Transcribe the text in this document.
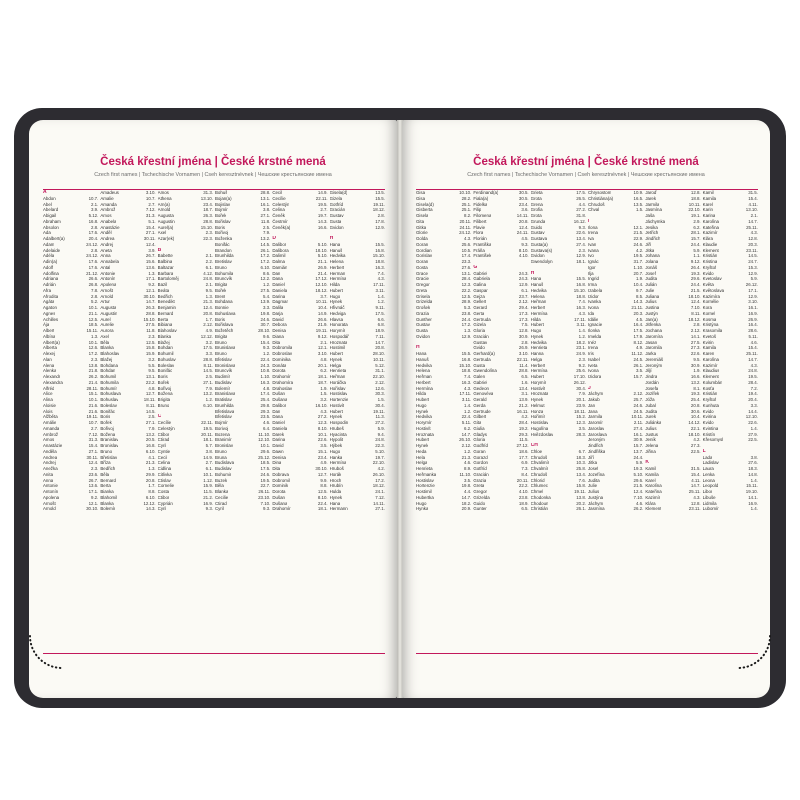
Česká křestní jména | České krstné mená
Czech first names | Tschechische Vornamen | Cseh keresztnévnek | Чешские крестьянские имена
A
Abdon	10.7.
Abel	2.1.
Abelard	3.9.
Abigail	5.12.
Abraham	16.8.
Absolon	2.8.
Ada	17.6.
Adalbert(a)	20.4.
Adam	24.12.
Adelaide	2.8.
Adéla	24.12.
Adin(a)	17.6.
Adolf	17.6.
Adolfina	21.12.
Adriana	26.6.
Adrián	26.8.
Afra	7.8.
Afrodita	2.8.
Agáta	5.2.
Agaton	10.1.
Agnes	21.1.
Achilles	12.5.
Ája	18.5.
Albert	15.11.
Albína	1.3.
Albert(a)	10.1.
Alberta	12.6.
Alexej	17.2.
Alan	2.3.
Alena	13.8.
Alenka	21.8.
Alexandr	26.2.
Alexandra	21.4.
Alfréd	28.11.
Alice	15.1.
Alina	10.1.
Aloisie	21.6.
Alois	21.6.
Alžběta	19.11.
Amálie	10.7.
Amanda	2.7.
Ambrož	7.12.
Amos	31.3.
Anastázie	15.4.
Anděla	27.1.
Andrea	30.11.
Andrej	12.4.
Anežka	2.3.
Anita	23.6.
Anna	26.7.
Antonie	13.6.
Antonín	17.1.
Apolena	9.2.
Arnošt	12.1.
Arnold	30.10.
Amadeus	3.10.
Amalie	10.7.
Amanda	2.7.
Ambrož	7.12.
Amos	31.3.
Anabela	5.1.
Anastázie	15.4.
Anděl	27.1.
Andrea	30.11.
Andrej	12.4.
Aneta	3.9.
Anna	26.7.
Annabela	15.6.
Antal	13.6.
Antonie	1.3.
Antonín	17.1.
Apolena	9.2.
Arnošt	12.1.
Arnold	30.10.
Artur	14.7.
Augusta	26.3.
Augustin	28.8.
Aurel	15.10.
Aurelie	27.5.
Aurora	11.8.
Axel	2.3.
Běla	12.5.
Blanka	15.8.
Blahoslav	15.9.
Blažej	3.2.
Bohdana	5.5.
Bohdan	9.5.
Bohumil	13.1.
Bohumila	22.2.
Bohumír	4.8.
Bohuslava	12.7.
Bohuslav	18.11.
Boleslav	8.11.
Bonifác	14.5.
Boris	2.5.
Bořek	27.1.
Bořivoj	7.9.
Božena	13.2.
Branislav	20.5.
Bronislav	16.8.
Bruno	6.10.
Břetislav	4.1.
Bříza	21.3.
Bedřich	1.3.
Běla	29.9.
Bernard	20.8.
Berta	1.7.
Bianka	8.8.
Blahomil	6.10.
Blanka	12.12.
Bolemír	14.3.
Amos	31.3.
Athena	13.10.
Arn(a)	23.4.
Arnold	18.7.
Augusta	26.3.
Augustin	28.8.
Aurel(a)	15.10.
Axel	2.3.
Azar(ek)	22.3.
B
Babette	2.1.
Balbina	2.2.
Baltazar	6.1.
Barbara	4.12.
Bartoloměj	24.8.
Bazil	2.1.
Beáta	9.5.
Bedřich	1.3.
Benedikt	21.3.
Benjamin	12.4.
Bernard	20.8.
Berta	1.7.
Bibiana	2.12.
Blahoslav	4.9.
Blanka	12.12.
Blažej	3.2.
Bohdan	17.5.
Bohumil	3.3.
Bohuslav	28.8.
Boleslav	8.11.
Bonifác	14.5.
Boris	2.5.
Bořek	27.1.
Bořivoj	7.9.
Božena	13.2.
Brigita	1.2.
Bruno	6.10.
C
Cecílie	22.11.
Celestýn	19.5.
Ctibor	20.11.
Ctirad	18.1.
Cyril	5.7.
Cyntie	3.8.
Cecil	14.9.
Celina	2.7.
Cidlina	6.1.
Citlivka	10.1.
Ctislav	1.12.
Cornelie	15.9.
Costa	11.5.
Ctibor	21.2.
Cyprián	16.9.
Cyril	9.3.
Bohuš	28.8.
Bojan(a)	13.1.
Bojislav	16.1.
Bojmír	3.8.
Bořek	27.1.
Bořislav	11.8.
Boris	2.5.
Bořivoj	7.9.
Boženka	13.2.
Bonifác	14.5.
Brandon	26.1.
Brunhilda	17.2.
Bretislav	17.2.
Bruno	6.10.
Bohumila	8.6.
Bruncvík	12.2.
Brigita	1.2.
Bořek	27.5.
Brent	5.4.
Bohdana	13.9.
Bonnie	3.3.
Bohuslava	19.8.
Boris	24.6.
Bořislava	30.7.
Božetěch	28.10.
Brigita	9.6.
Bruno	15.4.
Brunislava	9.3.
Bruno	1.2.
Břetislav	22.4.
Bronislava	24.3.
Bruncvík	10.8.
Budimír	1.10.
Budislav	16.3.
Bolemír	4.8.
Branislava	17.4.
Bratislav	25.4.
Brunhilda	29.8.
Břetislava	29.3.
Břetislav	23.5.
Bojmír	4.6.
Borivoj	6.4.
Bozena	11.10.
Branimír	12.10.
Bronislav	10.1.
Bruno	29.6.
Bruna	25.12.
Budislava	18.5.
Budislav	17.5.
Bohumir	24.6.
Buzek	19.5.
Běla	22.7.
Blanka	26.11.
Cecilie	23.10.
Ctirad	7.10.
Cyril	9.3.
Cecil	14.9.
Cecílie	22.11.
Celestýn	19.5.
Celina	2.7.
Čeněk	19.7.
Čestmír	14.3.
Čeněk(a)	16.6.
D
Dalibor	5.10.
Dalibora	18.10.
Dalimil	5.10.
Dalma	21.1.
Damián	26.9.
Dan	21.4.
Dana	17.12.
Daniel	12.10.
Daniela	18.12.
Darina	3.7.
Dagmar	10.11.
Dalila	10.4.
Darja	14.9.
David	26.6.
Debora	21.9.
Denisa	19.11.
Diana	9.12.
Dita	2.1.
Dobromila	12.1.
Dobroslav	3.10.
Dominika	4.8.
Donáta	20.1.
Dorota	6.2.
Drahomír	18.1.
Drahomíra	18.7.
Drahoslav	1.9.
Dušan	1.5.
Dušana	3.2.
Dalibor	16.10.
Dan	4.3.
Dana	27.2.
Daniel	12.3.
Daniela	8.10.
Darek	10.1.
Darina	22.6.
David	3.5.
Dawn	15.1.
Denisa	23.4.
Dina	4.9.
Dita	30.10.
Dobrava	12.7.
Dobromil	9.9.
Dominik	8.8.
Dorota	12.5.
Dušan	8.10.
Dušana	22.4.
Drahomír	18.1.
Gisela(d)	13.5.
Gizela	15.5.
Gotfríd	19.11.
Gracián	18.12.
Gustav	2.8.
Gusta	17.8.
Gvidon	12.9.
H
Hana	15.5.
Hanuš	16.8.
Hedvika	15.10.
Helena	18.8.
Herbert	16.3.
Herman	7.4.
Hermína	4.3.
Hilda	17.11.
Hubert	3.11.
Hugo	1.4.
Hynek	1.2.
Hřivnáč	9.11.
Hedviga	17.5.
Hlavsa	6.6.
Honorata	6.8.
Horymír	18.9.
Hospodář	7.11.
Hroznata	14.7.
Hostimil	20.8.
Hubert	28.10.
Hynek	10.11.
Helga	5.12.
Henrieta	31.1.
Heřman	22.10.
Horáčka	2.12.
Hořislav	12.6.
Hostislav	30.3.
Hortenzie	1.5.
Hostivít	30.4.
Hubert	19.11.
Hynek	11.3.
Hospodin	27.2.
Hrubeš	5.9.
Hyacinta	9.4.
Hypolit	24.8.
Hýbek	22.3.
Hugo	5.10.
Hanka	19.7.
Hermína	22.10.
Hruboš	4.2.
Horák	26.10.
Hroch	17.2.
Hrubín	18.12.
Hulda	24.1.
Hynek	7.12.
Hana	14.11.
Hermann	27.1.
Česká křestní jména | České krstné mená
Czech first names | Tschechische Vornamen | Cseh keresztnévnek | Чешские крестьянские имена
Gisa	10.10.
Gisa	28.2.
Gisela(d)	25.1.
Gisberta	25.1.
Gisela	8.2.
Gita	20.11.
Gitka	24.11.
Glorie	24.12.
Golda	4.3.
Goran	25.6.
Gordian	10.5.
Gorislav	17.4.
Goran	23.3.
Gosta	27.6.
Grace	13.1.
Gracie	28.4.
Gregor	12.3.
Greta	22.2.
Grisela	12.5.
Grizelda	28.9.
Grošek	5.3.
Grazia	23.8.
Gunther	24.4.
Gustav	17.2.
Gusta	1.3.
Gvidon	12.9.
H
Hana	15.5.
Hanuš	16.8.
Hedvika	15.10.
Helena	18.8.
Heřman	7.4.
Herbert	16.3.
Hermína	4.3.
Hilda	17.11.
Hubert	3.11.
Hugo	1.4.
Hynek	1.2.
Hedvika	22.4.
Horymír	5.11.
Hostivít	6.2.
Hroznata	14.7.
Hubert	26.10.
Hynek	2.12.
Heda	1.2.
Hela	21.3.
Helga	4.6.
Henrieta	8.9.
Heřmanka	11.10.
Hostislav	3.5.
Hortenzie	19.8.
Hostimil	4.4.
Hubertka	14.7.
Hugo	18.2.
Hynka	20.9.
Ferdinand(a)	30.5.
Fiala(a)	30.5.
Fidelka	23.4.
Filip	3.6.
Filomena	14.11.
Filibert	20.8.
Flavie	12.4.
Flora	24.11.
Florián	4.5.
Františka	9.3.
Fráňa	8.10.
František	4.10.
G
Gabriel	24.3.
Gabriela	24.3.
Galina	12.9.
Gaspar	6.1.
Gejza	23.7.
Gellert	2.12.
Gerard	29.4.
Gerta	17.3.
Gertruda	17.3.
Gizela	7.5.
Gloria	12.8.
Gracián	30.9.
Gustav	2.8.
Gvido	26.9.
Gerhard(a)	3.10.
Gertruda	22.11.
Gusta	11.4.
Gwendolína	28.8.
Galen	6.5.
Gabriel	1.6.
Gedeon	13.4.
Genovéva	3.1.
Gerald	13.9.
Gerda	21.2.
Gertrude	16.11.
Gilbert	4.2.
Gita	28.4.
Giulia	19.2.
Gladys	29.3.
Gloria	11.5.
Godfríd	27.12.
Goran	18.6.
Gorazd	17.7.
Gordon	6.9.
Gotfríd	7.3.
Gracián	8.4.
Grazia	20.11.
Greta	22.2.
Gregor	4.10.
Grizelda	23.8.
Guido	18.9.
Gunter	6.5.
Grieta	17.5.
Grota	26.5.
Grena	4.4.
Grofia	27.2.
Grota	31.8.
Grunda	16.12.
Guido	9.3.
Gustav	22.6.
Gustava	13.4.
Gusta(a)	27.4.
Gustava(s)	2.3.
Gvidon	12.9.
Gwendolyn	18.1.
H
Hana	15.5.
Hanuš	16.8.
Hedvika	15.10.
Helena	18.8.
Heřman	7.4.
Herbert	16.3.
Hermína	4.3.
Hilda	17.11.
Hubert	3.11.
Hugo	1.4.
Hynek	1.2.
Hedvika	18.2.
Henrieta	23.1.
Hanna	24.9.
Helga	2.3.
Herbert	9.2.
Hermína	25.6.
Hubert	17.10.
Horymír	26.12.
Hostivít	30.4.
Hroznata	7.9.
Hynek	20.1.
Helmut	23.9.
Honza	18.11.
Hořimír	15.2.
Hostislav	12.3.
Hugolína	3.5.
Hvězdoslav	28.3.
CH
Chloe	6.7.
Chrudoš	18.3.
Chvalimír	10.3.
Chvalmír	25.8.
Chrudoš	13.4.
Chlorid	7.6.
Chlumec	15.8.
Chmel	19.11.
Chodonka	13.8.
Chodoun	20.2.
Christián	26.1.
Chrysostom	10.9.
Christiána(a)	16.5.
Chrudoš	13.5.
Chval	1.5.
I
Ilona	12.1.
Irena	21.5.
Iva	22.9.
Ivan	24.6.
Ivana	4.2.
Ivo	19.5.
Ignác	31.7.
Igor	1.10.
Ilja	20.7.
Ingrid	1.9.
Irma	10.4.
Izabela	9.7.
Izidor	8.5.
Ivanka	14.3.
Ivona	21.11.
Ida	20.3.
Idálie	4.5.
Ignacie	16.4.
Ilonka	17.5.
Imelda	17.9.
Inéz	8.12.
Irena	4.9.
Iris	11.12.
Isabel	24.5.
Iveta	26.1.
Ivona	3.5.
Izidora	15.7.
J
Jáchym	2.12.
Jakub	25.7.
Jan	24.6.
Jana	24.5.
Jarmila	10.11.
Jaromír	2.11.
Jaroslav	27.4.
Jaroslava	16.1.
Jeroným	30.9.
Jindřich	15.7.
Jindřiška	13.7.
Jiří	24.4.
Jitka	5.9.
Josef	19.3.
Jozefína	5.10.
Judita	29.6.
Julie	21.5.
Julius	12.4.
Justýna	7.10.
Jáchym	4.6.
Jasmína	26.2.
Jaroď	12.8.
Jarek	18.8.
Jarmila	10.11.
Jasmína	22.10.
Jaša	19.1.
Jáchymka	2.9.
Jesika	6.2.
Jetřich	28.1.
Jindřich	15.7.
Jiří	24.4.
Jitka	5.9.
Johana	1.1.
Jolana	9.12.
Jonáš	26.4.
Josef	19.3.
Judita	29.6.
Julián	24.4.
Julie	21.5.
Juliana	18.10.
Julius	12.4.
Justina	7.10.
Justýn	8.11.
Jan(a)	18.12.
Jitřenka	2.8.
Jochana	2.12.
Jaromíra	14.1.
Jasan	27.5.
Jaromila	27.3.
Jarka	22.6.
Jeremiáš	9.5.
Jeroným	30.9.
Jiljí	1.9.
Jindra	16.6.
Jordán	13.2.
Josefa	8.1.
Jozífek	19.3.
Jóža	25.4.
Jubal	20.8.
Judita	30.6.
Jurek	10.4.
Juliánka	14.12.
Julius	22.1.
Justus	18.10.
Jeník	4.2.
Jelena	27.3.
Jiřina	22.5.
K
Kamil	31.5.
Kamila	15.4.
Karel	4.11.
Karolína	14.7.
Kateřina	25.11.
Kazimír	4.3.
Klára	12.8.
Klement	23.11.
Kamil	31.5.
Kamila	15.4.
Karel	4.11.
Karin	13.10.
Karina	2.1.
Karolína	14.7.
Kateřina	25.11.
Kazimír	4.3.
Klára	12.8.
Klaudie	20.3.
Klement	23.11.
Kristián	14.5.
Kristina	24.7.
Kryštof	15.3.
Kvido	12.9.
Kvetoslav	5.9.
Květa	26.12.
Květoslava	17.1.
Kazimíra	12.9.
Kornélie	3.10.
Kora	16.1.
Kornel	16.9.
Kosma	26.9.
Kristýna	16.4.
Krasomila	28.6.
Kvetoš	5.11.
Kvirin	4.6.
Kamila	15.4.
Karen	25.11.
Karolína	14.7.
Kazimír	4.3.
Klaudius	24.8.
Klement	19.5.
Kolumbán	28.4.
Kosťa	7.2.
Kristián	19.4.
Kryštof	20.4.
Kunhuta	3.3.
Kvido	14.4.
Kvirina	12.10.
Kvido	22.6.
Kvintina	1.4.
Kristín	27.9.
Křesomysl	22.5.
L
Lada	3.8.
Ladislav	27.6.
Laura	18.3.
Lenka	14.8.
Leona	1.4.
Leopold	15.11.
Libor	19.10.
Libuše	14.1.
Lidmila	16.9.
Lubomír	1.4.
